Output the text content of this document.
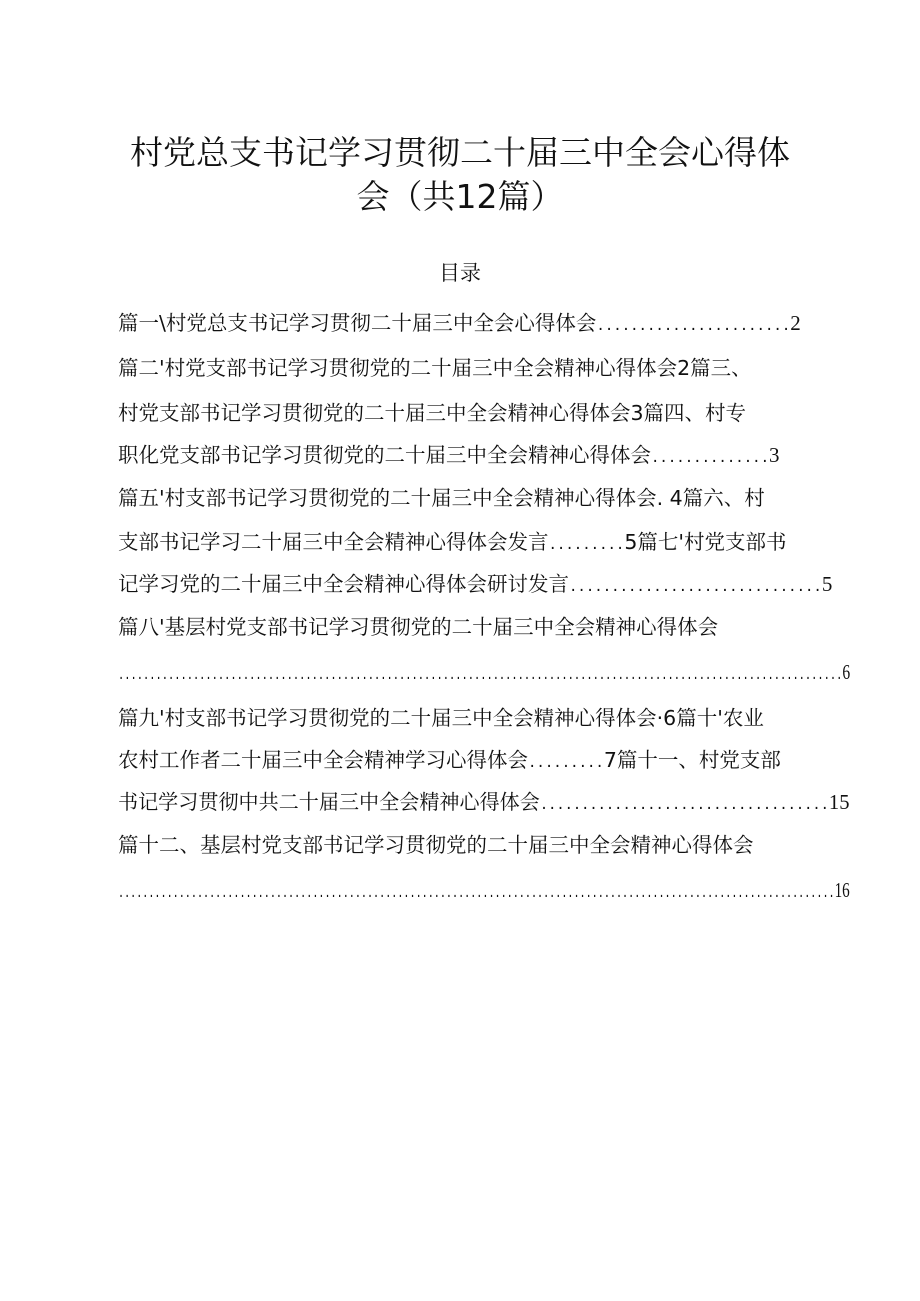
村党总支书记学习贯彻二十届三中全会心得体
会（共12篇）
目录
篇一\村党总支书记学习贯彻二十届三中全会心得体会.......................2
篇二'村党支部书记学习贯彻党的二十届三中全会精神心得体会2篇三、
村党支部书记学习贯彻党的二十届三中全会精神心得体会3篇四、村专
职化党支部书记学习贯彻党的二十届三中全会精神心得体会..............3
篇五'村支部书记学习贯彻党的二十届三中全会精神心得体会. 4篇六、村
支部书记学习二十届三中全会精神心得体会发言.........5篇七'村党支部书
记学习党的二十届三中全会精神心得体会研讨发言..............................5
篇八'基层村党支部书记学习贯彻党的二十届三中全会精神心得体会
....................................................................................................................6
篇九'村支部书记学习贯彻党的二十届三中全会精神心得体会·6篇十'农业
农村工作者二十届三中全会精神学习心得体会.........7篇十一、村党支部
书记学习贯彻中共二十届三中全会精神心得体会...................................15
篇十二、基层村党支部书记学习贯彻党的二十届三中全会精神心得体会
......................................................................................................................16
